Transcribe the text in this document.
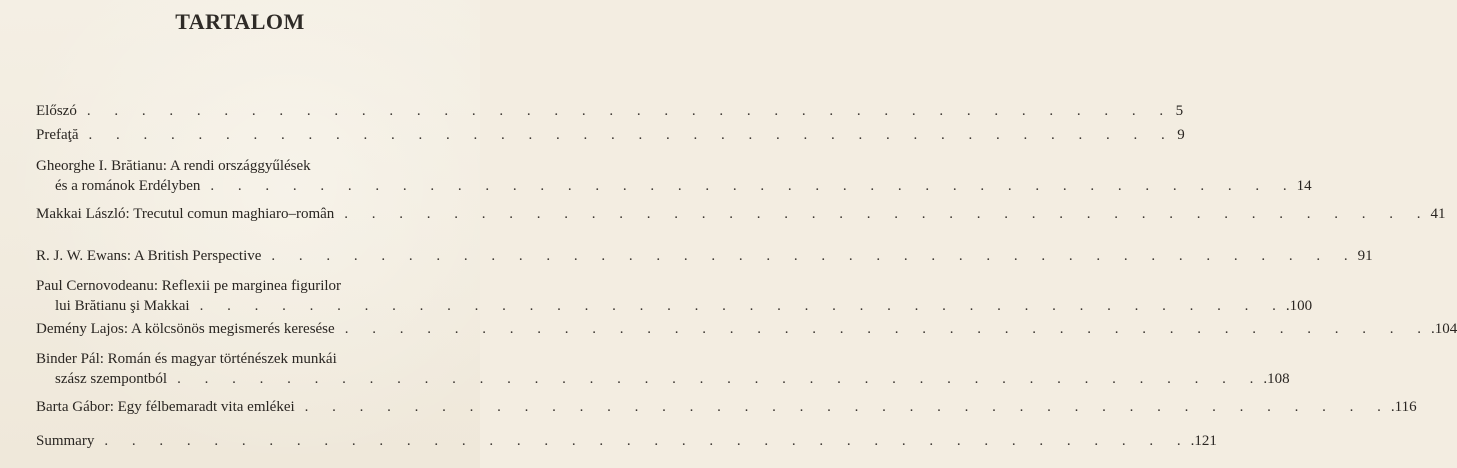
TARTALOM
Előszó . . . . . . . . . . . . . . . . . . . . . . . . . . . . . . . . . . . . . . . . 5
Prefaţă . . . . . . . . . . . . . . . . . . . . . . . . . . . . . . . . . . . . . . . . 9
Gheorghe I. Brătianu: A rendi országgyűlések
és a románok Erdélyben . . . . . . . . . . . . . . . . . . . . . . . . . . . . . . . . . . . . . . . . 14
Makkai László: Trecutul comun maghiaro–român . . . . . . . . . . . . . . . . . . . . . . . . . . . . . . . . . . . . . . . . 41
R. J. W. Ewans: A British Perspective . . . . . . . . . . . . . . . . . . . . . . . . . . . . . . . . . . . . . . . . 91
Paul Cernovodeanu: Reflexii pe marginea figurilor
lui Brătianu şi Makkai . . . . . . . . . . . . . . . . . . . . . . . . . . . . . . . . . . . . . . . . .100
Demény Lajos: A kölcsönös megismerés keresése . . . . . . . . . . . . . . . . . . . . . . . . . . . . . . . . . . . . . . . . .104
Binder Pál: Román és magyar történészek munkái
szász szempontból . . . . . . . . . . . . . . . . . . . . . . . . . . . . . . . . . . . . . . . . .108
Barta Gábor: Egy félbemaradt vita emlékei . . . . . . . . . . . . . . . . . . . . . . . . . . . . . . . . . . . . . . . . .116
Summary . . . . . . . . . . . . . . . . . . . . . . . . . . . . . . . . . . . . . . . . .121
